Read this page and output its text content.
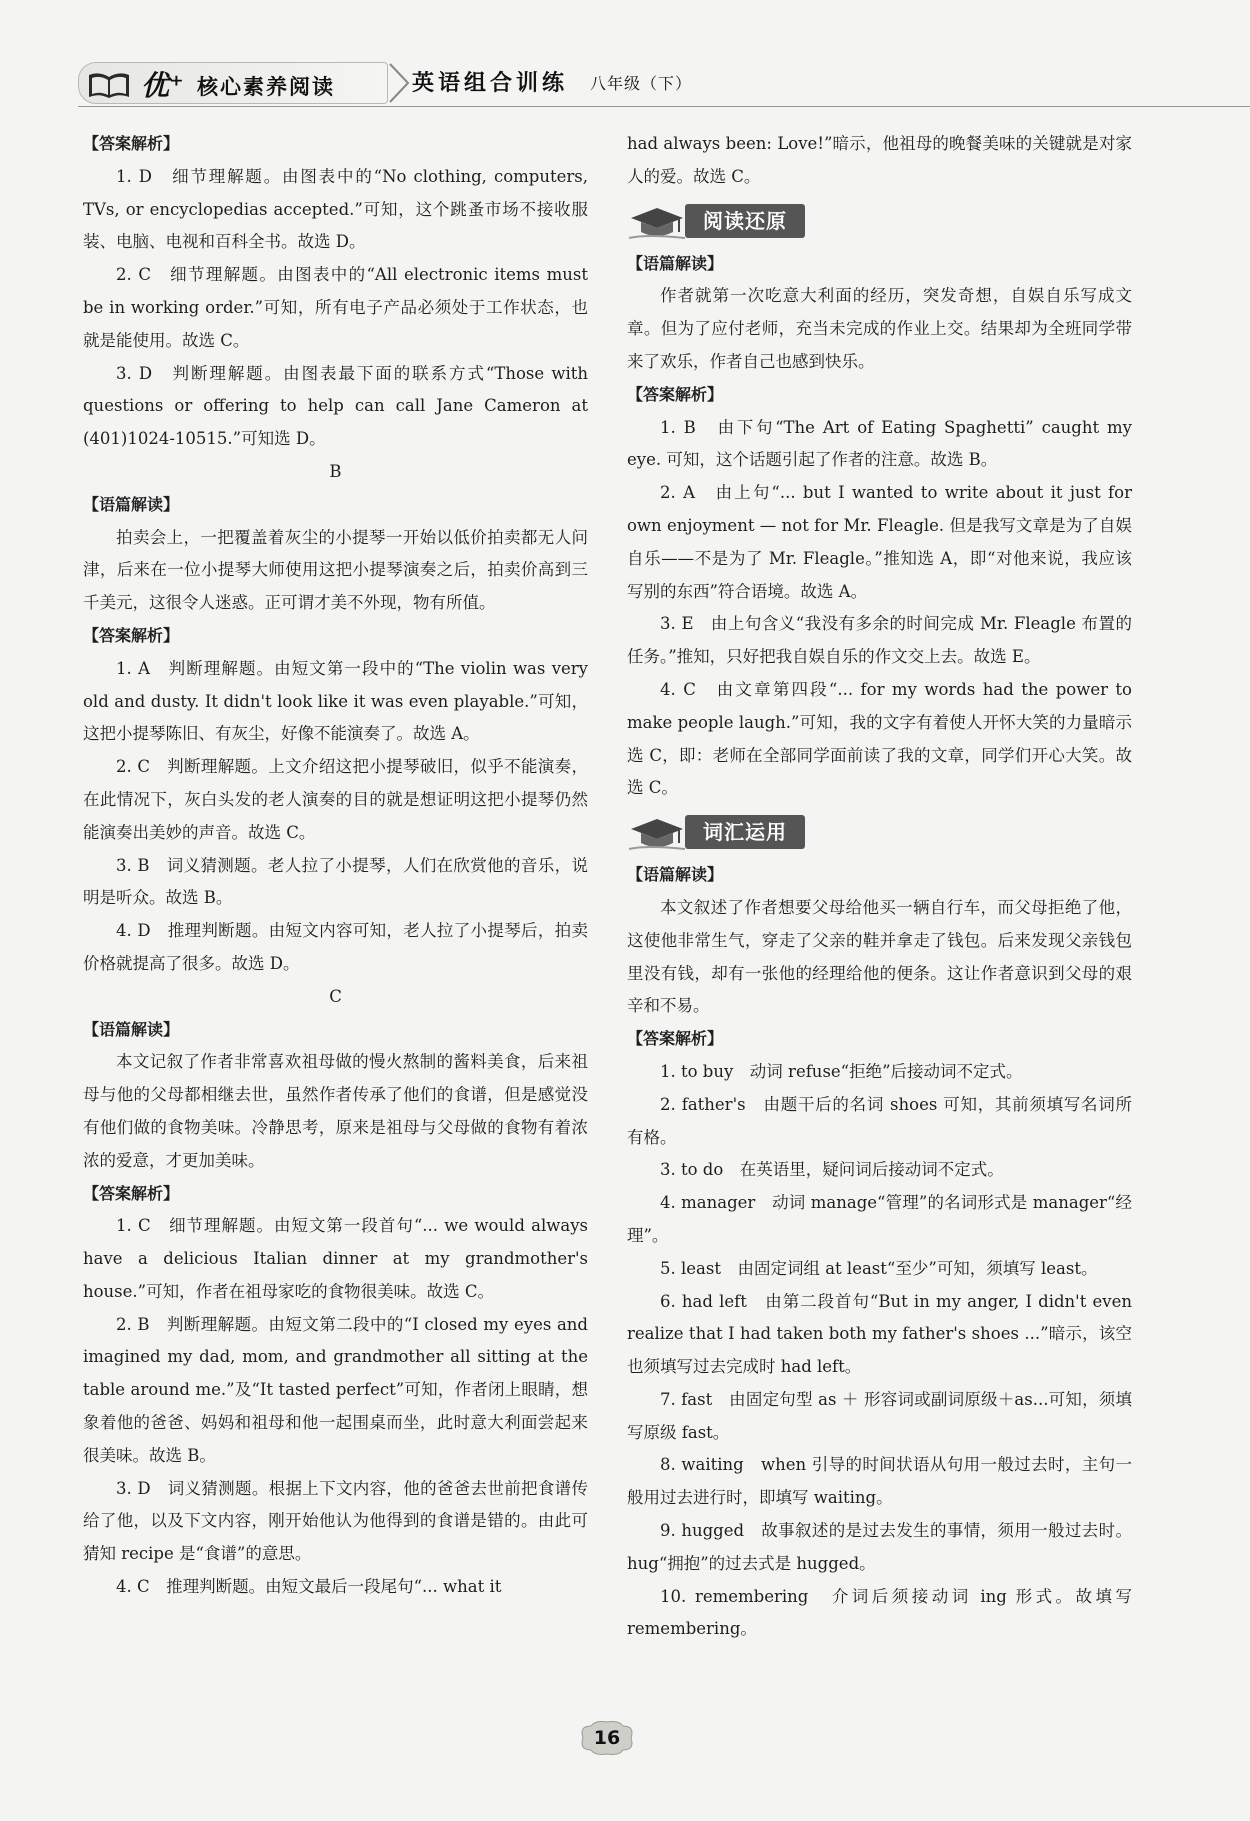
优⁺ 核心素养阅读	英语组合训练 八年级（下）

【答案解析】

1. D　细节理解题。由图表中的“No clothing, computers, TVs, or encyclopedias accepted.”可知，这个跳蚤市场不接收服装、电脑、电视和百科全书。故选 D。

2. C　细节理解题。由图表中的“All electronic items must be in working order.”可知，所有电子产品必须处于工作状态，也就是能使用。故选 C。

3. D　判断理解题。由图表最下面的联系方式“Those with questions or offering to help can call Jane Cameron at (401)1024-10515.”可知选 D。

B

【语篇解读】

拍卖会上，一把覆盖着灰尘的小提琴一开始以低价拍卖都无人问津，后来在一位小提琴大师使用这把小提琴演奏之后，拍卖价高到三千美元，这很令人迷惑。正可谓才美不外现，物有所值。

【答案解析】

1. A　判断理解题。由短文第一段中的“The violin was very old and dusty. It didn't look like it was even playable.”可知，这把小提琴陈旧、有灰尘，好像不能演奏了。故选 A。

2. C　判断理解题。上文介绍这把小提琴破旧，似乎不能演奏，在此情况下，灰白头发的老人演奏的目的就是想证明这把小提琴仍然能演奏出美妙的声音。故选 C。

3. B　词义猜测题。老人拉了小提琴，人们在欣赏他的音乐，说明是听众。故选 B。

4. D　推理判断题。由短文内容可知，老人拉了小提琴后，拍卖价格就提高了很多。故选 D。

C

【语篇解读】

本文记叙了作者非常喜欢祖母做的慢火熬制的酱料美食，后来祖母与他的父母都相继去世，虽然作者传承了他们的食谱，但是感觉没有他们做的食物美味。冷静思考，原来是祖母与父母做的食物有着浓浓的爱意，才更加美味。

【答案解析】

1. C　细节理解题。由短文第一段首句“... we would always have a delicious Italian dinner at my grandmother's house.”可知，作者在祖母家吃的食物很美味。故选 C。

2. B　判断理解题。由短文第二段中的“I closed my eyes and imagined my dad, mom, and grandmother all sitting at the table around me.”及“It tasted perfect”可知，作者闭上眼睛，想象着他的爸爸、妈妈和祖母和他一起围桌而坐，此时意大利面尝起来很美味。故选 B。

3. D　词义猜测题。根据上下文内容，他的爸爸去世前把食谱传给了他，以及下文内容，刚开始他认为他得到的食谱是错的。由此可猜知 recipe 是“食谱”的意思。

4. C　推理判断题。由短文最后一段尾句“... what it

had always been: Love!”暗示，他祖母的晚餐美味的关键就是对家人的爱。故选 C。

阅读还原

【语篇解读】

作者就第一次吃意大利面的经历，突发奇想，自娱自乐写成文章。但为了应付老师，充当未完成的作业上交。结果却为全班同学带来了欢乐，作者自己也感到快乐。

【答案解析】

1. B　由下句“The Art of Eating Spaghetti” caught my eye. 可知，这个话题引起了作者的注意。故选 B。

2. A　由上句“... but I wanted to write about it just for own enjoyment — not for Mr. Fleagle. 但是我写文章是为了自娱自乐——不是为了 Mr. Fleagle。”推知选 A，即“对他来说，我应该写别的东西”符合语境。故选 A。

3. E　由上句含义“我没有多余的时间完成 Mr. Fleagle 布置的任务。”推知，只好把我自娱自乐的作文交上去。故选 E。

4. C　由文章第四段“... for my words had the power to make people laugh.”可知，我的文字有着使人开怀大笑的力量暗示选 C，即：老师在全部同学面前读了我的文章，同学们开心大笑。故选 C。

词汇运用

【语篇解读】

本文叙述了作者想要父母给他买一辆自行车，而父母拒绝了他，这使他非常生气，穿走了父亲的鞋并拿走了钱包。后来发现父亲钱包里没有钱，却有一张他的经理给他的便条。这让作者意识到父母的艰辛和不易。

【答案解析】

1. to buy　动词 refuse“拒绝”后接动词不定式。

2. father's　由题干后的名词 shoes 可知，其前须填写名词所有格。

3. to do　在英语里，疑问词后接动词不定式。

4. manager　动词 manage“管理”的名词形式是 manager“经理”。

5. least　由固定词组 at least“至少”可知，须填写 least。

6. had left　由第二段首句“But in my anger, I didn't even realize that I had taken both my father's shoes ...”暗示，该空也须填写过去完成时 had left。

7. fast　由固定句型 as ＋ 形容词或副词原级＋as...可知，须填写原级 fast。

8. waiting　when 引导的时间状语从句用一般过去时，主句一般用过去进行时，即填写 waiting。

9. hugged　故事叙述的是过去发生的事情，须用一般过去时。hug“拥抱”的过去式是 hugged。

10. remembering　介词后须接动词 ing 形式。故填写 remembering。

16
